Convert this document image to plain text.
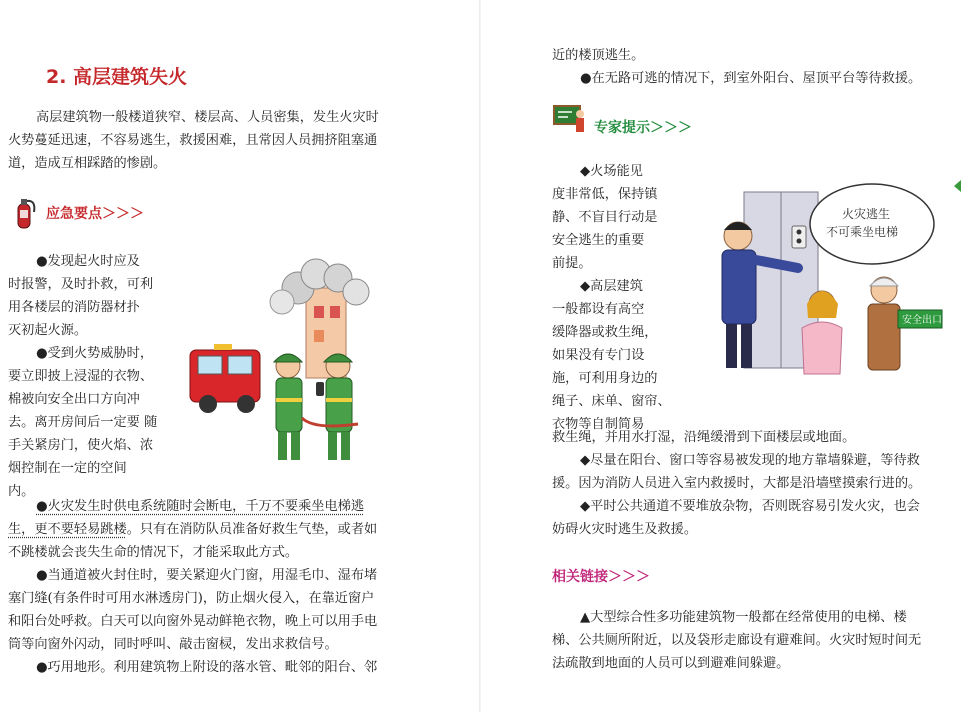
2. 高层建筑失火
高层建筑物一般楼道狭窄、楼层高、人员密集，发生火灾时
火势蔓延迅速，不容易逃生，救援困难，且常因人员拥挤阻塞通
道，造成互相踩踏的惨剧。
应急要点＞＞＞
●发现起火时应及
时报警，及时扑救，可利
用各楼层的消防器材扑
灭初起火源。
●受到火势威胁时，
要立即披上浸湿的衣物、
棉被向安全出口方向冲
去。离开房间后一定要 随
手关紧房门，使火焰、浓
烟控制在一定的空间
内。
●火灾发生时供电系统随时会断电，千万不要乘坐电梯逃
生，更不要轻易跳楼。只有在消防队员准备好救生气垫，或者如
不跳楼就会丧失生命的情况下，才能采取此方式。
●当通道被火封住时，要关紧迎火门窗，用湿毛巾、湿布堵
塞门缝(有条件时可用水淋透房门)，防止烟火侵入，在靠近窗户
和阳台处呼救。白天可以向窗外晃动鲜艳衣物，晚上可以用手电
筒等向窗外闪动，同时呼叫、敲击窗棂，发出求救信号。
●巧用地形。利用建筑物上附设的落水管、毗邻的阳台、邻
近的楼顶逃生。
●在无路可逃的情况下，到室外阳台、屋顶平台等待救援。
专家提示＞＞＞
◆火场能见
度非常低，保持镇
静、不盲目行动是
安全逃生的重要
前提。
◆高层建筑
一般都设有高空
缓降器或救生绳，
如果没有专门设
施，可利用身边的
绳子、床单、窗帘、
衣物等自制简易
火灾逃生
不可乘坐电梯
安全出口
救生绳，并用水打湿，沿绳缓滑到下面楼层或地面。
◆尽量在阳台、窗口等容易被发现的地方靠墙躲避，等待救
援。因为消防人员进入室内救援时，大都是沿墙壁摸索行进的。
◆平时公共通道不要堆放杂物，否则既容易引发火灾，也会
妨碍火灾时逃生及救援。
相关链接＞＞＞
▲大型综合性多功能建筑物一般都在经常使用的电梯、楼
梯、公共厕所附近，以及袋形走廊设有避难间。火灾时短时间无
法疏散到地面的人员可以到避难间躲避。
